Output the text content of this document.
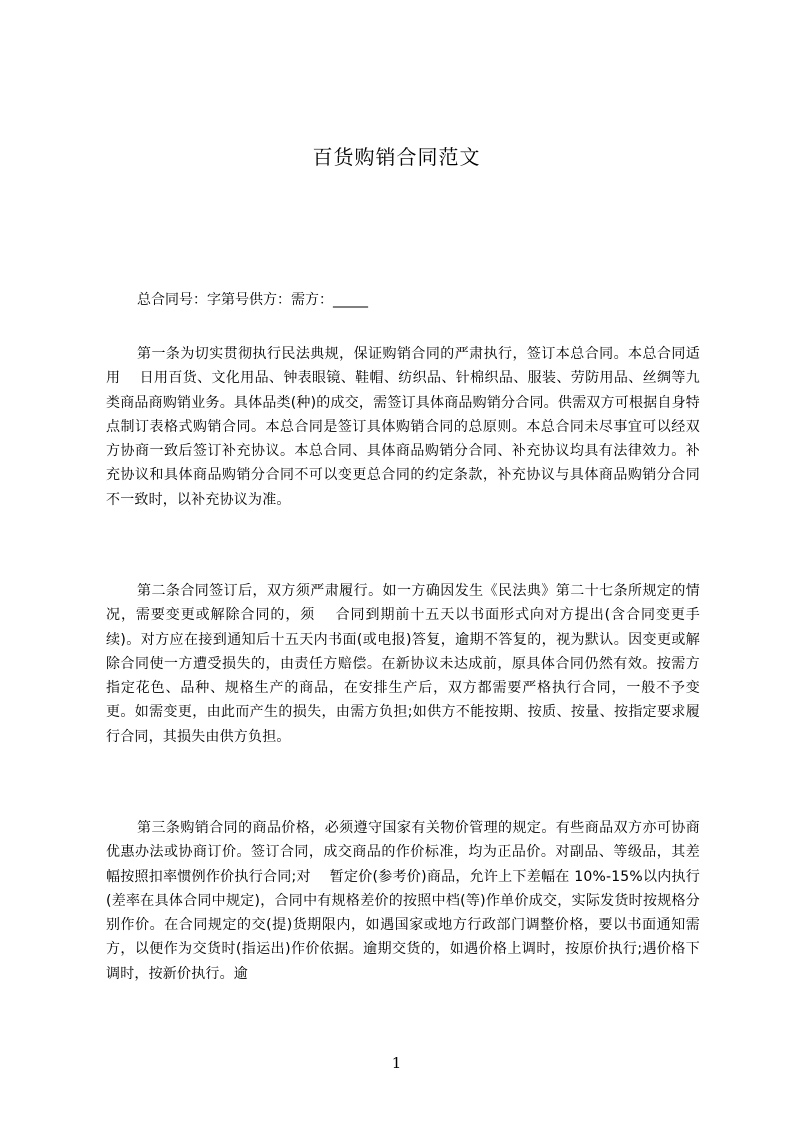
百货购销合同范文
总合同号：字第号供方：需方：_____

第一条为切实贯彻执行民法典规，保证购销合同的严肃执行，签订本总合同。本总合同适用　 日用百货、文化用品、钟表眼镜、鞋帽、纺织品、针棉织品、服装、劳防用品、丝绸等九类商品商购销业务。具体品类(种)的成交，需签订具体商品购销分合同。供需双方可根据自身特点制订表格式购销合同。本总合同是签订具体购销合同的总原则。本总合同未尽事宜可以经双方协商一致后签订补充协议。本总合同、具体商品购销分合同、补充协议均具有法律效力。补充协议和具体商品购销分合同不可以变更总合同的约定条款，补充协议与具体商品购销分合同不一致时，以补充协议为准。

第二条合同签订后，双方须严肃履行。如一方确因发生《民法典》第二十七条所规定的情况，需要变更或解除合同的，须　 合同到期前十五天以书面形式向对方提出(含合同变更手续)。对方应在接到通知后十五天内书面(或电报)答复，逾期不答复的，视为默认。因变更或解除合同使一方遭受损失的，由责任方赔偿。在新协议未达成前，原具体合同仍然有效。按需方指定花色、品种、规格生产的商品，在安排生产后，双方都需要严格执行合同，一般不予变更。如需变更，由此而产生的损失，由需方负担;如供方不能按期、按质、按量、按指定要求履行合同，其损失由供方负担。

第三条购销合同的商品价格，必须遵守国家有关物价管理的规定。有些商品双方亦可协商优惠办法或协商订价。签订合同，成交商品的作价标准，均为正品价。对副品、等级品，其差幅按照扣率惯例作价执行合同;对　 暂定价(参考价)商品，允许上下差幅在 10%-15%以内执行(差率在具体合同中规定)，合同中有规格差价的按照中档(等)作单价成交，实际发货时按规格分别作价。在合同规定的交(提)货期限内，如遇国家或地方行政部门调整价格，要以书面通知需方，以便作为交货时(指运出)作价依据。逾期交货的，如遇价格上调时，按原价执行;遇价格下调时，按新价执行。逾

1
